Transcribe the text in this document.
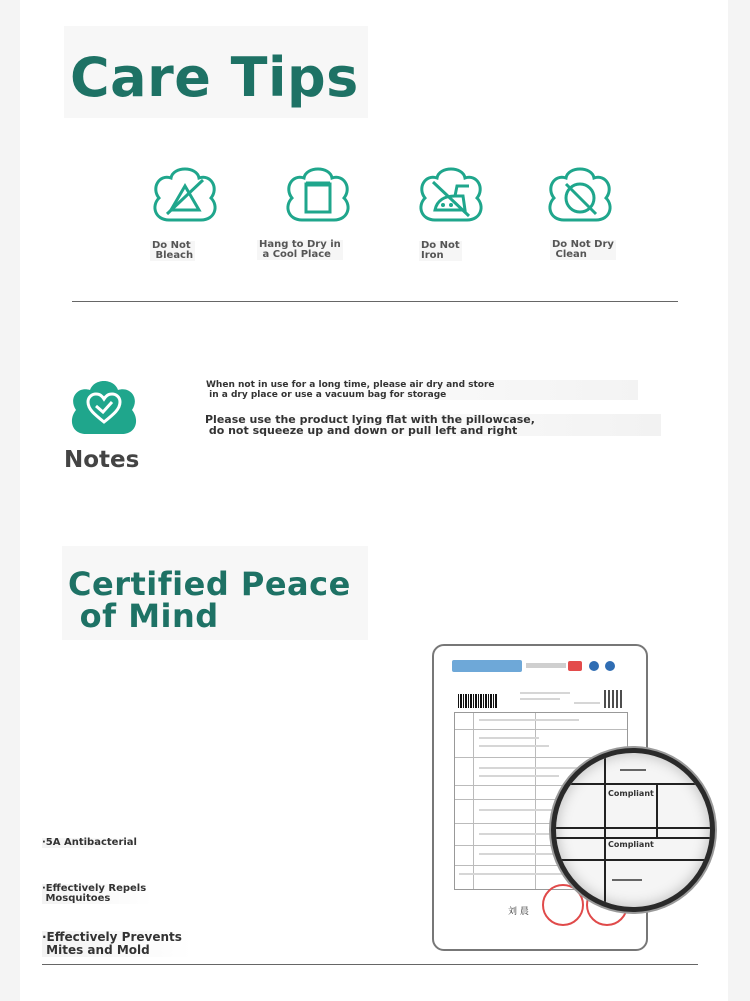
Care Tips
Do Not
Bleach
Hang to Dry in
a Cool Place
Do Not
Iron
Do Not Dry
Clean
Notes
When not in use for a long time, please air dry and store
in a dry place or use a vacuum bag for storage
Please use the product lying flat with the pillowcase,
do not squeeze up and down or pull left and right
Certified Peace
of Mind
·5A Antibacterial
·Effectively Repels
Mosquitoes
·Effectively Prevents
Mites and Mold
刘 晨
Compliant
Compliant
